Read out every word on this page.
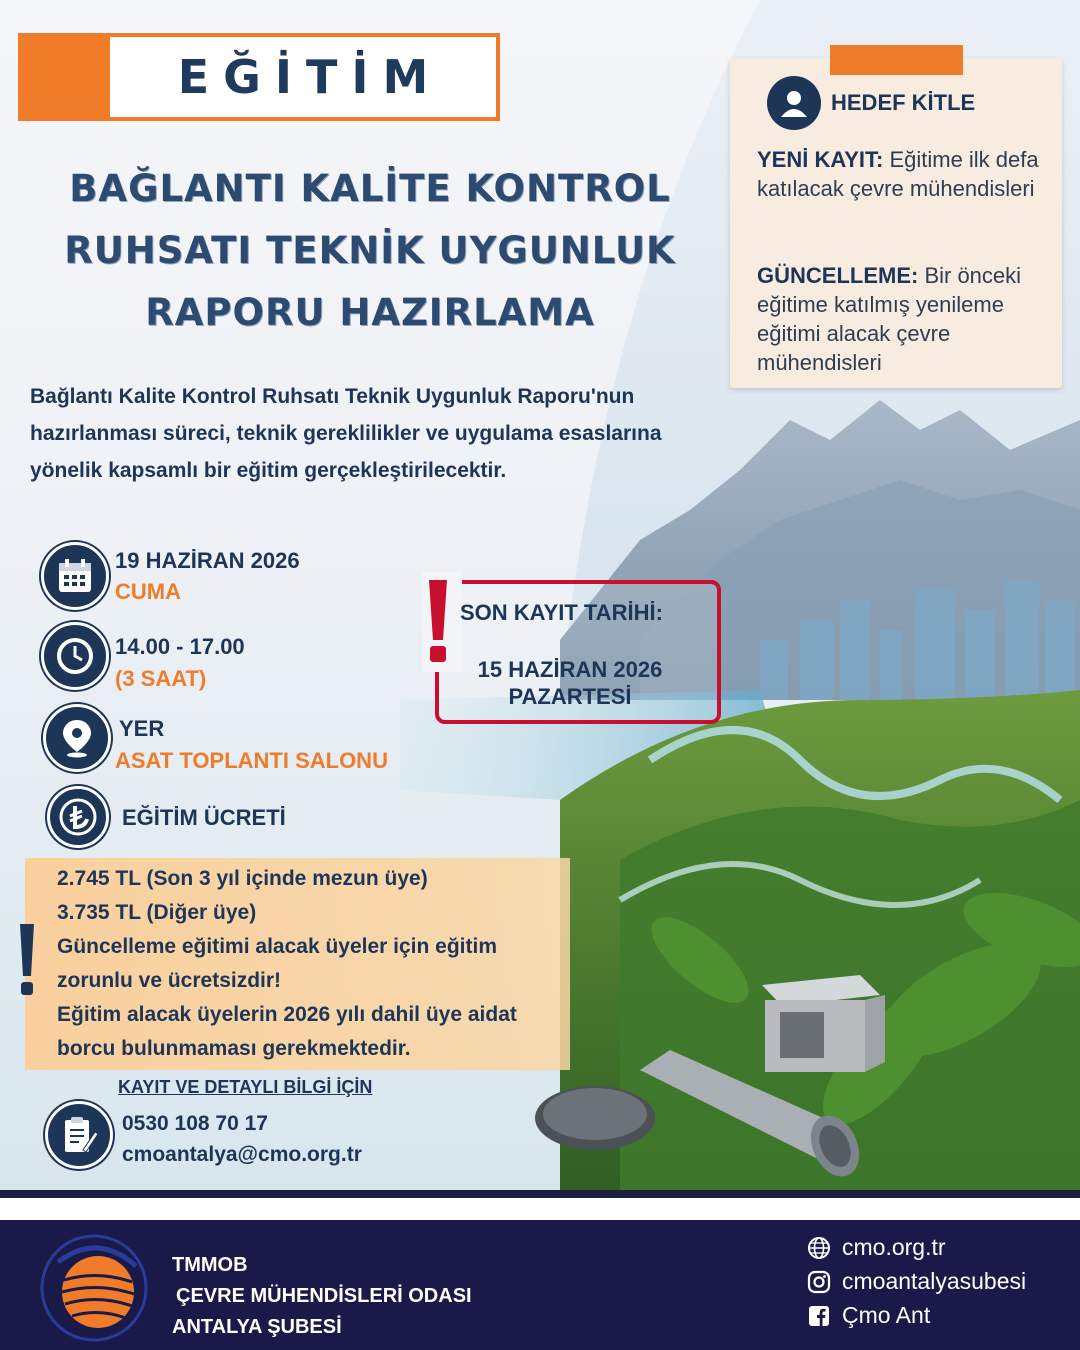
EĞİTİM
BAĞLANTI KALİTE KONTROL
RUHSATI TEKNİK UYGUNLUK
RAPORU HAZIRLAMA

Bağlantı Kalite Kontrol Ruhsatı Teknik Uygunluk Raporu'nun hazırlanması süreci, teknik gereklilikler ve uygulama esaslarına yönelik kapsamlı bir eğitim gerçekleştirilecektir.

HEDEF KİTLE

YENİ KAYIT: Eğitime ilk defa katılacak çevre mühendisleri

GÜNCELLEME: Bir önceki eğitime katılmış yenileme eğitimi alacak çevre mühendisleri

19 HAZİRAN 2026
CUMA
14.00 - 17.00
(3 SAAT)
YER
ASAT TOPLANTI SALONU
EĞİTİM ÜCRETİ
SON KAYIT TARİHİ:
15 HAZİRAN 2026
PAZARTESİ
2.745 TL (Son 3 yıl içinde mezun üye)
3.735 TL (Diğer üye)
Güncelleme eğitimi alacak üyeler için eğitim zorunlu ve ücretsizdir!
Eğitim alacak üyelerin 2026 yılı dahil üye aidat borcu bulunmaması gerekmektedir.
KAYIT VE DETAYLI BİLGİ İÇİN
0530 108 70 17
cmoantalya@cmo.org.tr
TMMOB
ÇEVRE MÜHENDİSLERİ ODASI
ANTALYA ŞUBESİ
cmo.org.tr
cmoantalyasubesi
Çmo Ant
